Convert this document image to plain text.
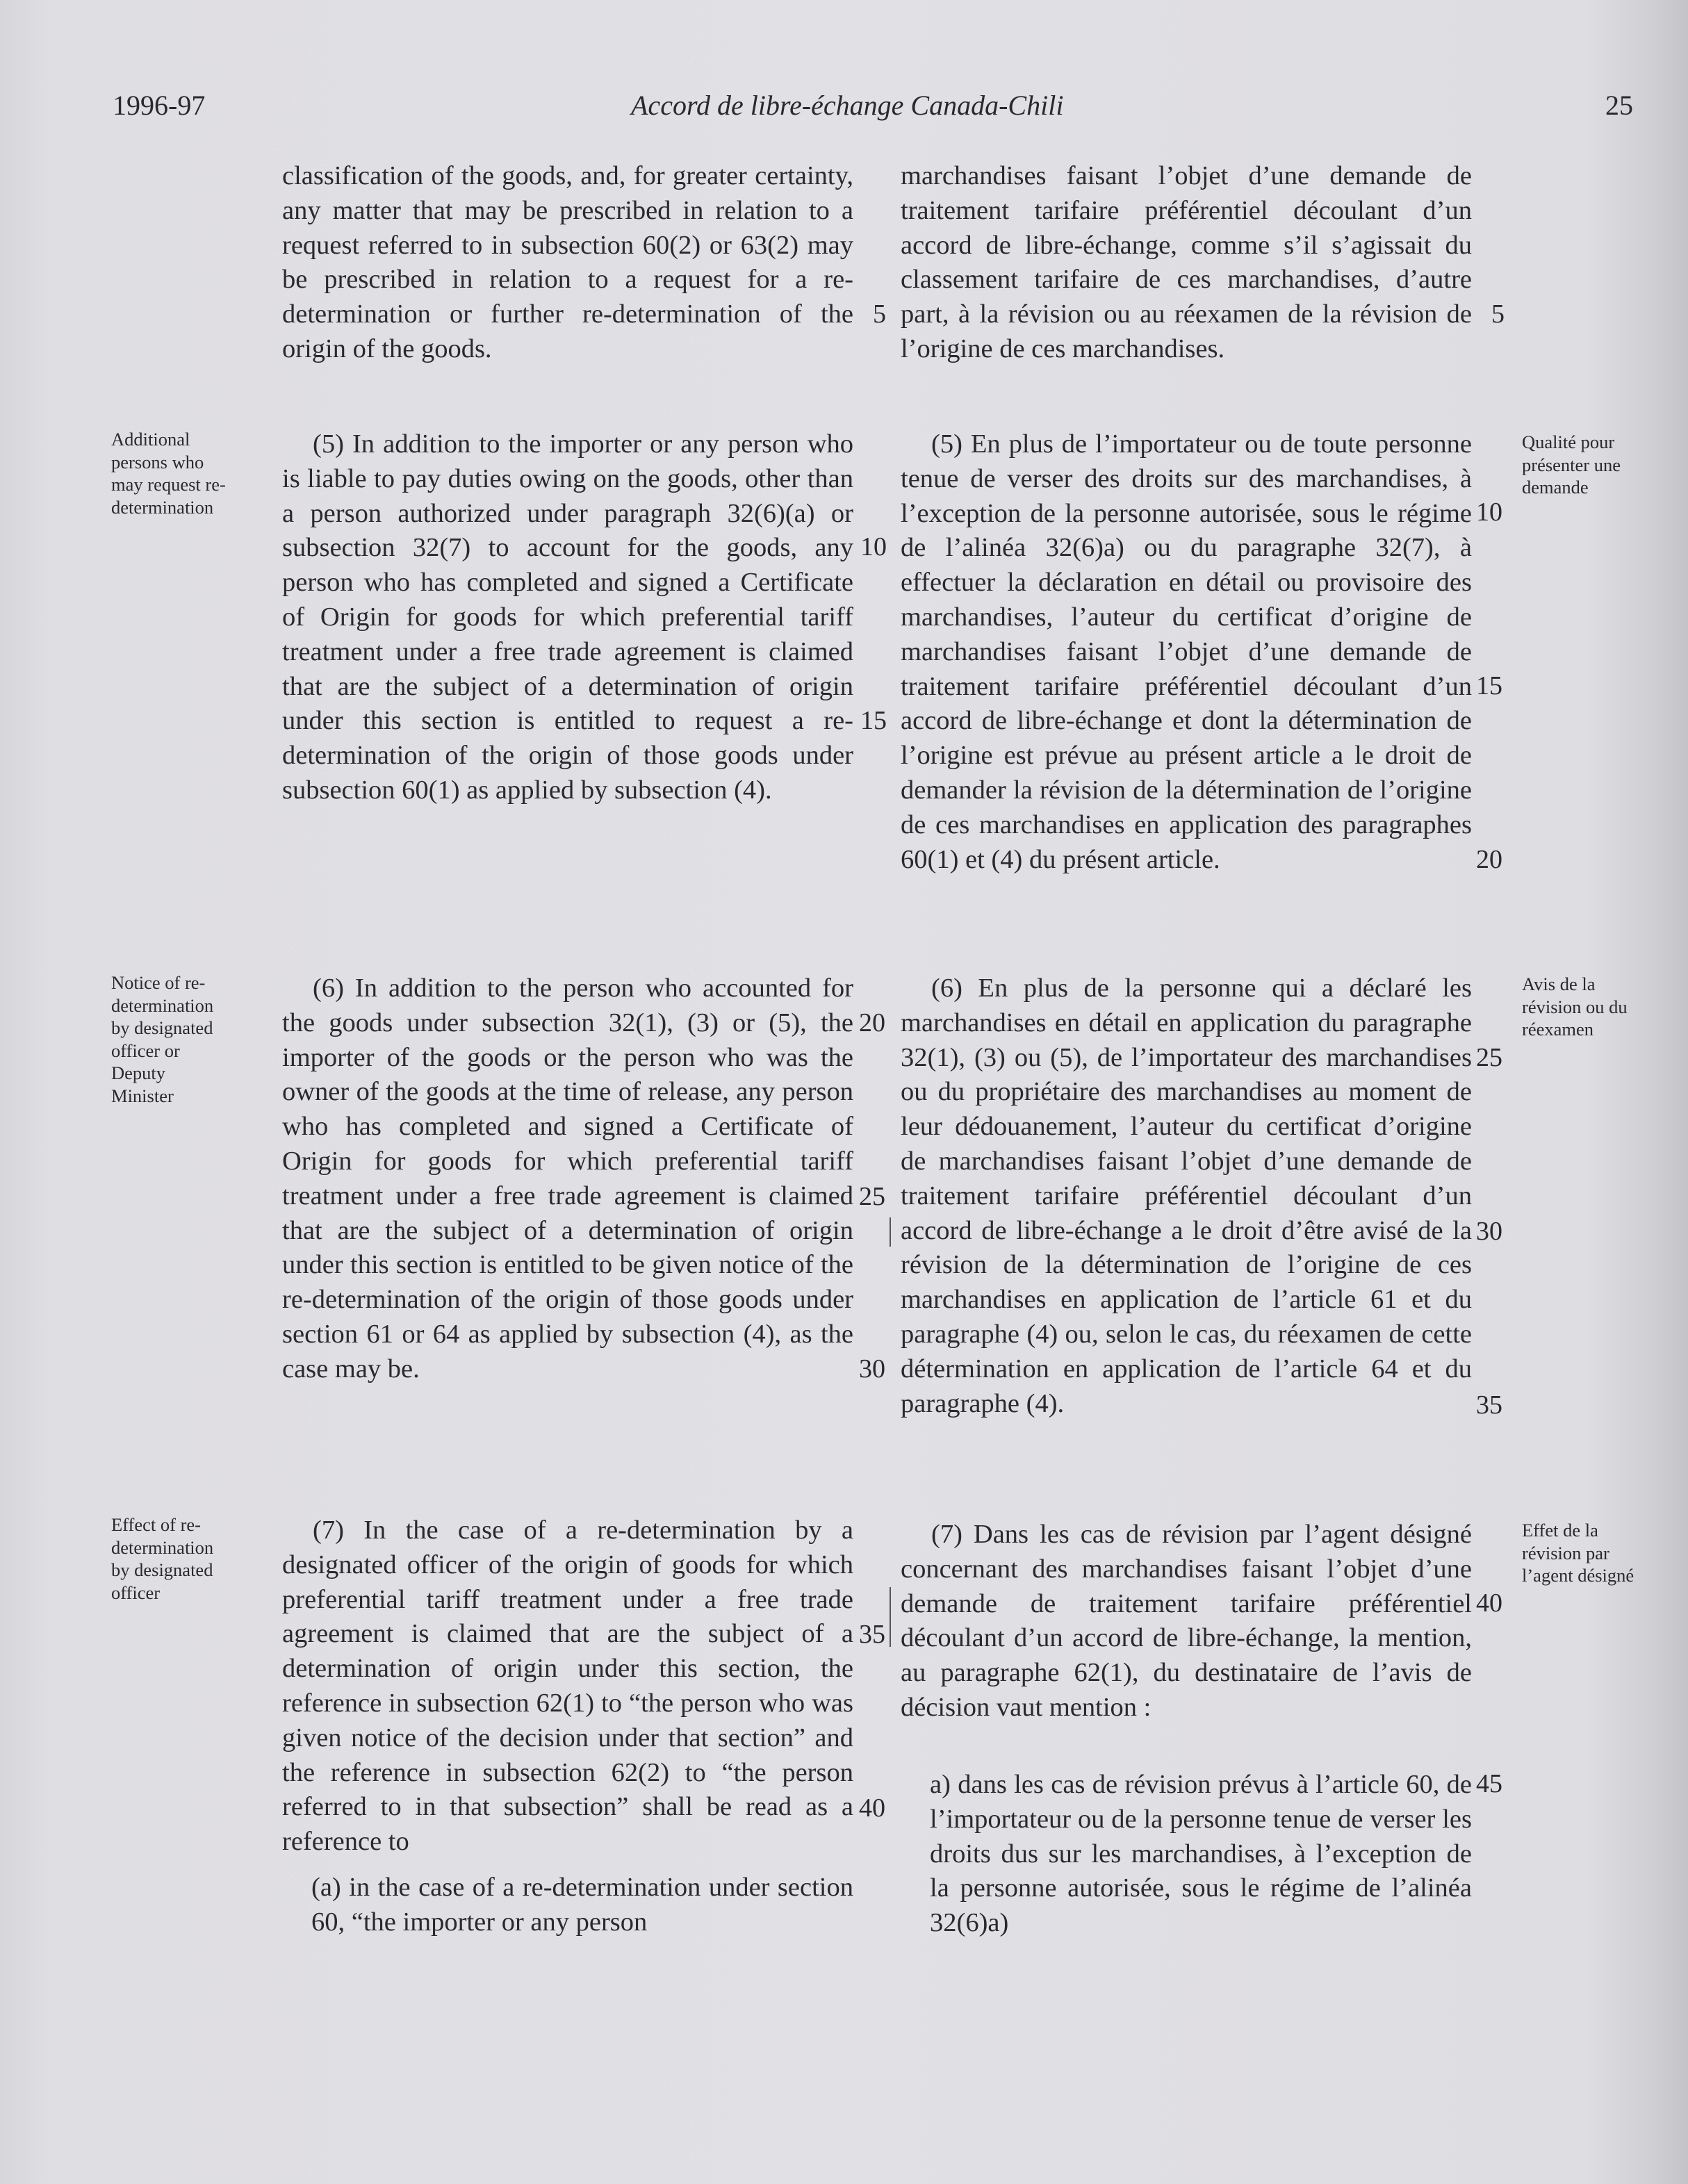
1996-97	Accord de libre-échange Canada-Chili	25

classification of the goods, and, for greater certainty, any matter that may be prescribed in relation to a request referred to in subsection 60(2) or 63(2) may be prescribed in relation to a request for a re-determination or further re-determination of the origin of the goods.

(5) In addition to the importer or any person who is liable to pay duties owing on the goods, other than a person authorized under paragraph 32(6)(a) or subsection 32(7) to account for the goods, any person who has completed and signed a Certificate of Origin for goods for which preferential tariff treatment under a free trade agreement is claimed that are the subject of a determination of origin under this section is entitled to request a re-determination of the origin of those goods under subsection 60(1) as applied by subsection (4).

(6) In addition to the person who accounted for the goods under subsection 32(1), (3) or (5), the importer of the goods or the person who was the owner of the goods at the time of release, any person who has completed and signed a Certificate of Origin for goods for which preferential tariff treatment under a free trade agreement is claimed that are the subject of a determination of origin under this section is entitled to be given notice of the re-determination of the origin of those goods under section 61 or 64 as applied by subsection (4), as the case may be.

(7) In the case of a re-determination by a designated officer of the origin of goods for which preferential tariff treatment under a free trade agreement is claimed that are the subject of a determination of origin under this section, the reference in subsection 62(1) to “the person who was given notice of the decision under that section” and the reference in subsection 62(2) to “the person referred to in that subsection” shall be read as a reference to

(a) in the case of a re-determination under section 60, “the importer or any person

marchandises faisant l’objet d’une demande de traitement tarifaire préférentiel découlant d’un accord de libre-échange, comme s’il s’agissait du classement tarifaire de ces marchandises, d’autre part, à la révision ou au réexamen de la révision de l’origine de ces marchandises.

(5) En plus de l’importateur ou de toute personne tenue de verser des droits sur des marchandises, à l’exception de la personne autorisée, sous le régime de l’alinéa 32(6)a) ou du paragraphe 32(7), à effectuer la déclaration en détail ou provisoire des marchandises, l’auteur du certificat d’origine de marchandises faisant l’objet d’une demande de traitement tarifaire préférentiel découlant d’un accord de libre-échange et dont la détermination de l’origine est prévue au présent article a le droit de demander la révision de la détermination de l’origine de ces marchandises en application des paragraphes 60(1) et (4) du présent article.

(6) En plus de la personne qui a déclaré les marchandises en détail en application du paragraphe 32(1), (3) ou (5), de l’importateur des marchandises ou du propriétaire des marchandises au moment de leur dédouanement, l’auteur du certificat d’origine de marchandises faisant l’objet d’une demande de traitement tarifaire préférentiel découlant d’un accord de libre-échange a le droit d’être avisé de la révision de la détermination de l’origine de ces marchandises en application de l’article 61 et du paragraphe (4) ou, selon le cas, du réexamen de cette détermination en application de l’article 64 et du paragraphe (4).

(7) Dans les cas de révision par l’agent désigné concernant des marchandises faisant l’objet d’une demande de traitement tarifaire préférentiel découlant d’un accord de libre-échange, la mention, au paragraphe 62(1), du destinataire de l’avis de décision vaut mention :

a) dans les cas de révision prévus à l’article 60, de l’importateur ou de la personne tenue de verser les droits dus sur les marchandises, à l’exception de la personne autorisée, sous le régime de l’alinéa 32(6)a)

Additional persons who may request re-determination
Notice of re-determination by designated officer or Deputy Minister
Effect of re-determination by designated officer
Qualité pour présenter une demande
Avis de la révision ou du réexamen
Effet de la révision par l’agent désigné
5
10
15
20
25
30
35
40
5
10
15
20
25
30
35
40
45
